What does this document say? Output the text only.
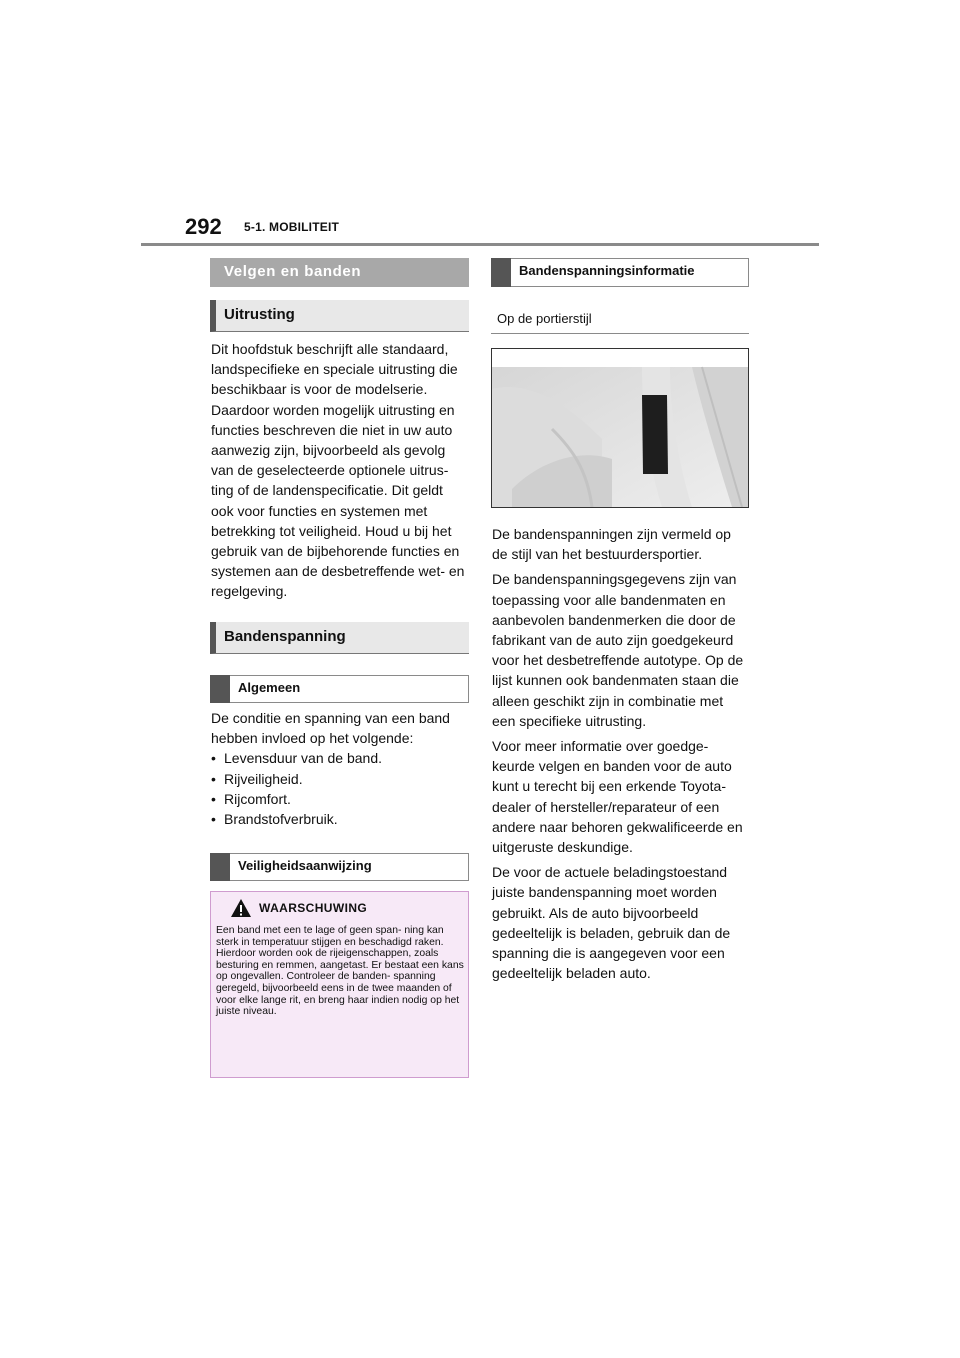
292 5-1. MOBILITEIT
Velgen en banden
Uitrusting

Dit hoofdstuk beschrijft alle standaard, landspecifieke en speciale uitrusting die beschikbaar is voor de modelserie. Daardoor worden mogelijk uitrusting en functies beschreven die niet in uw auto aanwezig zijn, bijvoorbeeld als gevolg van de geselecteerde optionele uitrus- ting of de landenspecificatie. Dit geldt ook voor functies en systemen met betrekking tot veiligheid. Houd u bij het gebruik van de bijbehorende functies en systemen aan de desbetreffende wet- en regelgeving.

Bandenspanning
Algemeen

De conditie en spanning van een band hebben invloed op het volgende:

• Levensduur van de band.
• Rijveiligheid.
• Rijcomfort.
• Brandstofverbruik.
Veiligheidsaanwijzing
WAARSCHUWING
Een band met een te lage of geen span- ning kan sterk in temperatuur stijgen en beschadigd raken. Hierdoor worden ook de rijeigenschappen, zoals besturing en remmen, aangetast. Er bestaat een kans op ongevallen. Controleer de banden- spanning geregeld, bijvoorbeeld eens in de twee maanden of voor elke lange rit, en breng haar indien nodig op het juiste niveau.
Bandenspanningsinformatie
Op de portierstijl

De bandenspanningen zijn vermeld op de stijl van het bestuurdersportier.

De bandenspanningsgegevens zijn van toepassing voor alle bandenmaten en aanbevolen bandenmerken die door de fabrikant van de auto zijn goedgekeurd voor het desbetreffende autotype. Op de lijst kunnen ook bandenmaten staan die alleen geschikt zijn in combinatie met een specifieke uitrusting.

Voor meer informatie over goedge- keurde velgen en banden voor de auto kunt u terecht bij een erkende Toyota- dealer of hersteller/reparateur of een andere naar behoren gekwalificeerde en uitgeruste deskundige.

De voor de actuele beladingstoestand juiste bandenspanning moet worden gebruikt. Als de auto bijvoorbeeld gedeeltelijk is beladen, gebruik dan de spanning die is aangegeven voor een gedeeltelijk beladen auto.
